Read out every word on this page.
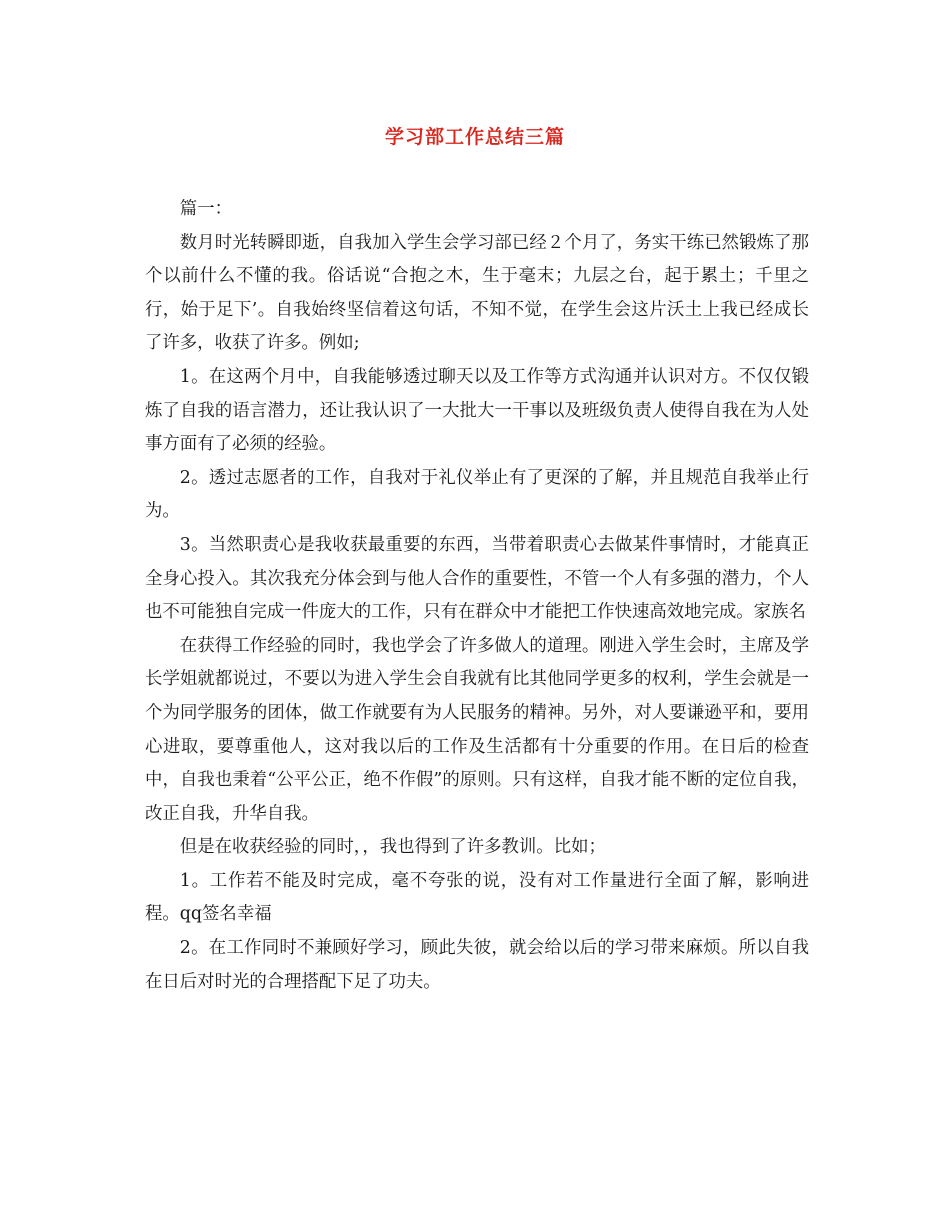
学习部工作总结三篇

篇一：

数月时光转瞬即逝，自我加入学生会学习部已经２个月了，务实干练已然锻炼了那个以前什么不懂的我。俗话说“合抱之木，生于毫末；九层之台，起于累土；千里之行，始于足下’。自我始终坚信着这句话，不知不觉，在学生会这片沃土上我已经成长了许多，收获了许多。例如;

1。在这两个月中，自我能够透过聊天以及工作等方式沟通并认识对方。不仅仅锻炼了自我的语言潜力，还让我认识了一大批大一干事以及班级负责人使得自我在为人处事方面有了必须的经验。

2。透过志愿者的工作，自我对于礼仪举止有了更深的了解，并且规范自我举止行为。

3。当然职责心是我收获最重要的东西，当带着职责心去做某件事情时，才能真正全身心投入。其次我充分体会到与他人合作的重要性，不管一个人有多强的潜力，个人也不可能独自完成一件庞大的工作，只有在群众中才能把工作快速高效地完成。家族名

在获得工作经验的同时，我也学会了许多做人的道理。刚进入学生会时，主席及学长学姐就都说过，不要以为进入学生会自我就有比其他同学更多的权利，学生会就是一个为同学服务的团体，做工作就要有为人民服务的精神。另外，对人要谦逊平和，要用心进取，要尊重他人，这对我以后的工作及生活都有十分重要的作用。在日后的检查中，自我也秉着“公平公正，绝不作假”的原则。只有这样，自我才能不断的定位自我，改正自我，升华自我。

但是在收获经验的同时，，我也得到了许多教训。比如；

1。工作若不能及时完成，毫不夸张的说，没有对工作量进行全面了解，影响进程。qq签名幸福

2。在工作同时不兼顾好学习，顾此失彼，就会给以后的学习带来麻烦。所以自我在日后对时光的合理搭配下足了功夫。
